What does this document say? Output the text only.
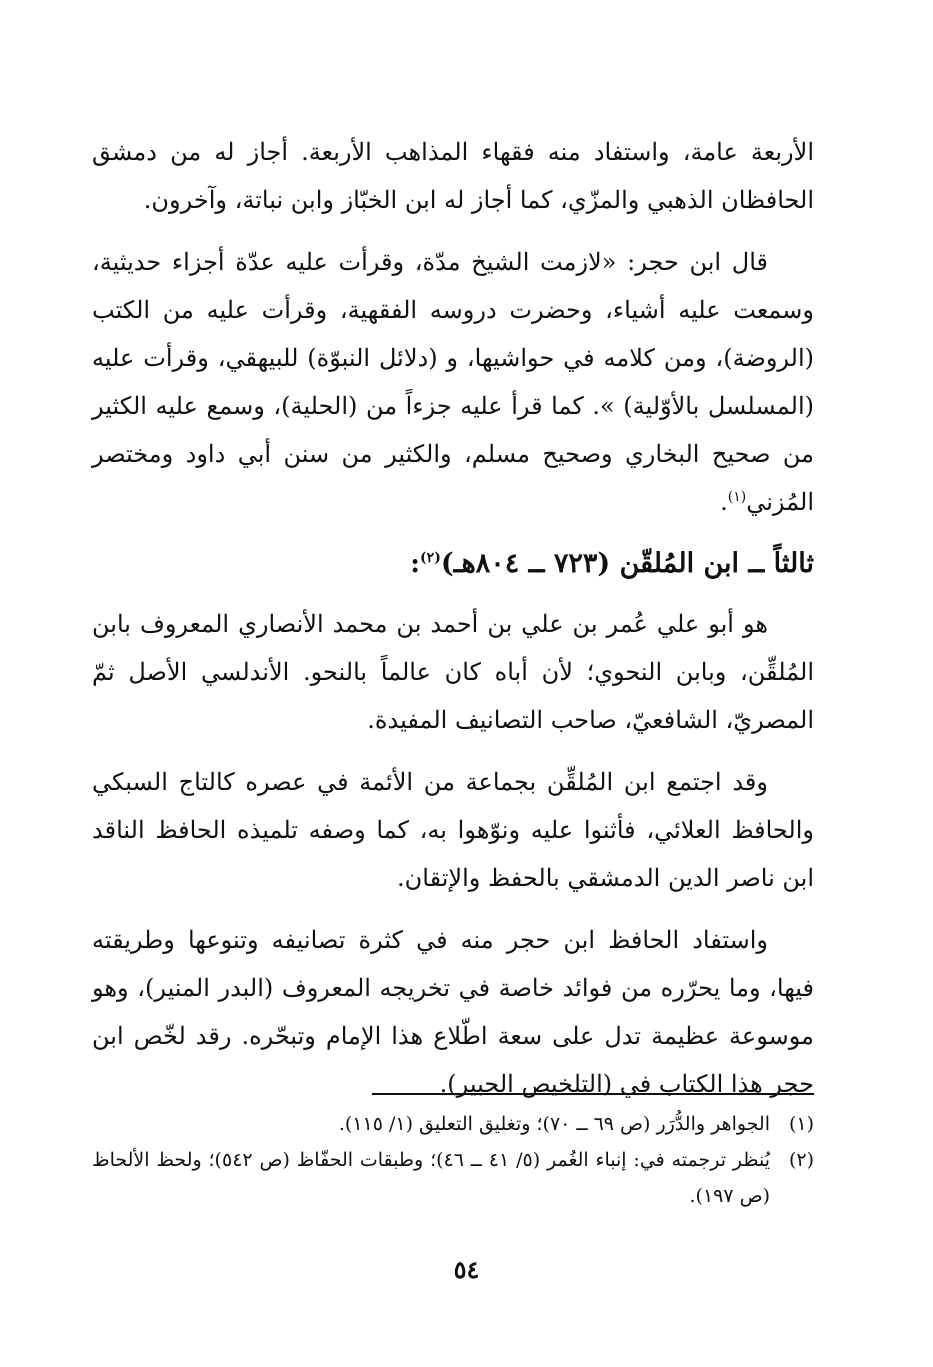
الأربعة عامة، واستفاد منه فقهاء المذاهب الأربعة. أجاز له من دمشق الحافظان الذهبي والمزّي، كما أجاز له ابن الخبّاز وابن نباتة، وآخرون.

قال ابن حجر: «لازمت الشيخ مدّة، وقرأت عليه عدّة أجزاء حديثية، وسمعت عليه أشياء، وحضرت دروسه الفقهية، وقرأت عليه من الكتب (الروضة)، ومن كلامه في حواشيها، و (دلائل النبوّة) للبيهقي، وقرأت عليه (المسلسل بالأوّلية) ». كما قرأ عليه جزءاً من (الحلية)، وسمع عليه الكثير من صحيح البخاري وصحيح مسلم، والكثير من سنن أبي داود ومختصر المُزني$^{(١)}$.

ثالثاً ــ ابن المُلقّن (٧٢٣ ــ ٨٠٤هـ)$^{(٢)}$:

هو أبو علي عُمر بن علي بن أحمد بن محمد الأنصاري المعروف بابن المُلقِّن، وبابن النحوي؛ لأن أباه كان عالماً بالنحو. الأندلسي الأصل ثمّ المصريّ، الشافعيّ، صاحب التصانيف المفيدة.

وقد اجتمع ابن المُلقِّن بجماعة من الأئمة في عصره كالتاج السبكي والحافظ العلائي، فأثنوا عليه ونوّهوا به، كما وصفه تلميذه الحافظ الناقد ابن ناصر الدين الدمشقي بالحفظ والإتقان.

واستفاد الحافظ ابن حجر منه في كثرة تصانيفه وتنوعها وطريقته فيها، وما يحرّره من فوائد خاصة في تخريجه المعروف (البدر المنير)، وهو موسوعة عظيمة تدل على سعة اطّلاع هذا الإمام وتبحّره. رقد لخّص ابن حجر هذا الكتاب في (التلخيص الحبير).

(١)
الجواهر والدُّرَر (ص ٦٩ ــ ٧٠)؛ وتغليق التعليق (١/ ١١٥).

(٢)
يُنظر ترجمته في: إنباء الغُمر (٥/ ٤١ ــ ٤٦)؛ وطبقات الحفّاظ (ص ٥٤٢)؛ ولحظ الألحاظ (ص ١٩٧).

٥٤
